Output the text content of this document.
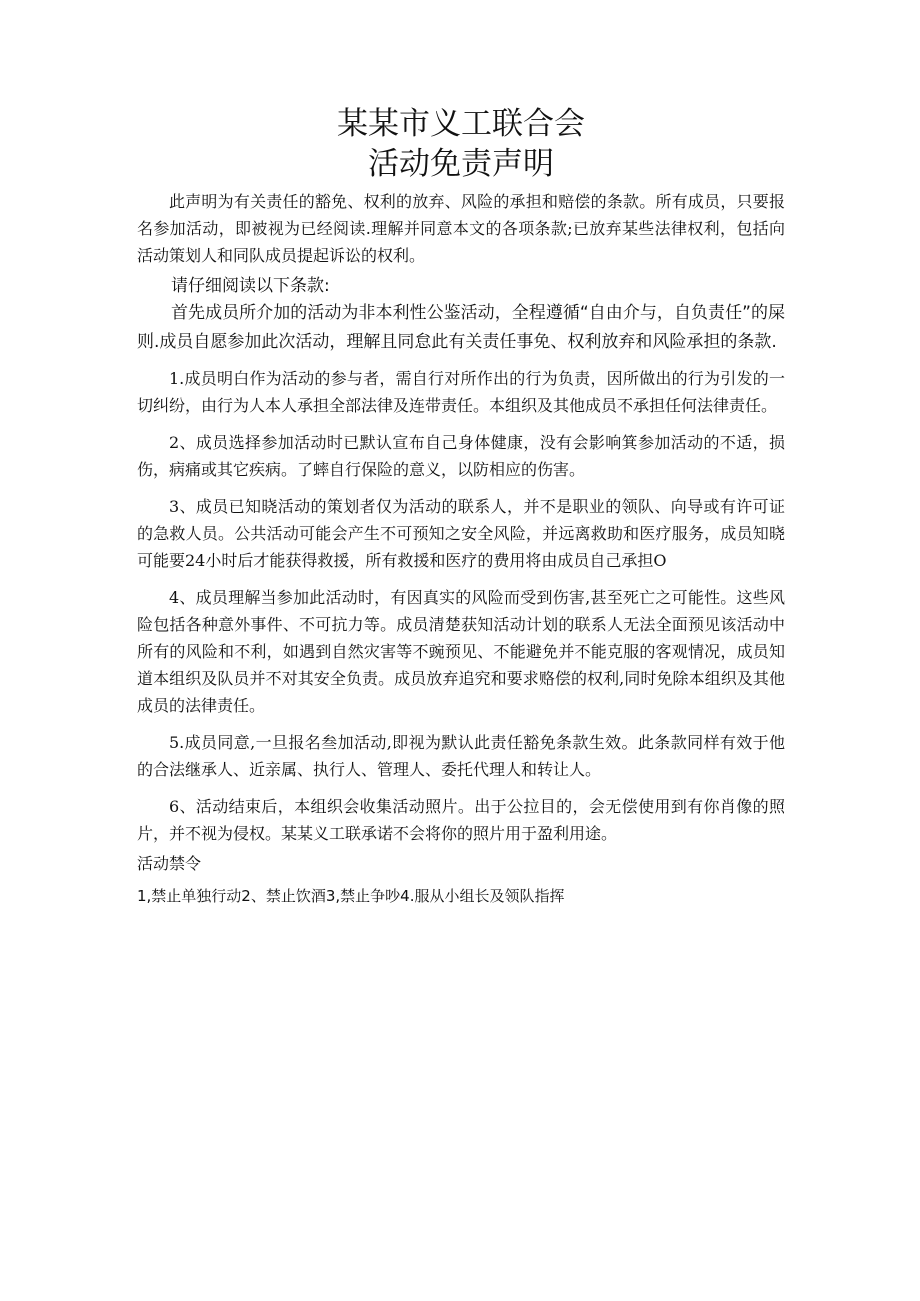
某某市义工联合会
活动免责声明

此声明为有关责任的豁免、权利的放弃、风险的承担和赔偿的条款。所有成员，只要报名参加活动，即被视为已经阅读.理解并同意本文的各项条款;已放弃某些法律权利，包括向活动策划人和同队成员提起诉讼的权利。

请仔细阅读以下条款:

首先成员所介加的活动为非本利性公鉴活动，全程遵循“自由介与，自负责任”的屎则.成员自愿参加此次活动，理解且同怠此有关责任事免、权利放弃和风险承担的条款.

1.成员明白作为活动的参与者，需自行对所作出的行为负责，因所做出的行为引发的一切纠纷，由行为人本人承担全部法律及连带责任。本组织及其他成员不承担任何法律责任。

2、成员选择参加活动时已默认宣布自己身体健康，没有会影响箕参加活动的不适，损伤，病痛或其它疾病。了蟀自行保险的意义，以防相应的伤害。

3、成员已知晓活动的策划者仅为活动的联系人，并不是职业的领队、向导或有许可证的急救人员。公共活动可能会产生不可预知之安全风险，并远离救助和医疗服务，成员知晓可能要24小时后才能获得救援，所有救援和医疗的费用将由成员自己承担O

4、成员理解当参加此活动时，有因真实的风险而受到伤害,甚至死亡之可能性。这些风险包括各种意外事件、不可抗力等。成员清楚获知活动计划的联系人无法全面预见该活动中所有的风险和不利，如遇到自然灾害等不豌预见、不能避免并不能克服的客观情况，成员知道本组织及队员并不对其安全负责。成员放弃追究和要求赂偿的权利,同时免除本组织及其他成员的法律责任。

5.成员同意,一旦报名叁加活动,即视为默认此责任豁免条款生效。此条款同样有效于他的合法继承人、近亲属、执行人、管理人、委托代理人和转让人。

6、活动结束后，本组织会收集活动照片。出于公拉目的，会无偿使用到有你肖像的照片，并不视为侵权。某某义工联承诺不会将你的照片用于盈利用途。

活动禁令

1,禁止单独行动2、禁止饮酒3,禁止争吵4.服从小组长及领队指挥
